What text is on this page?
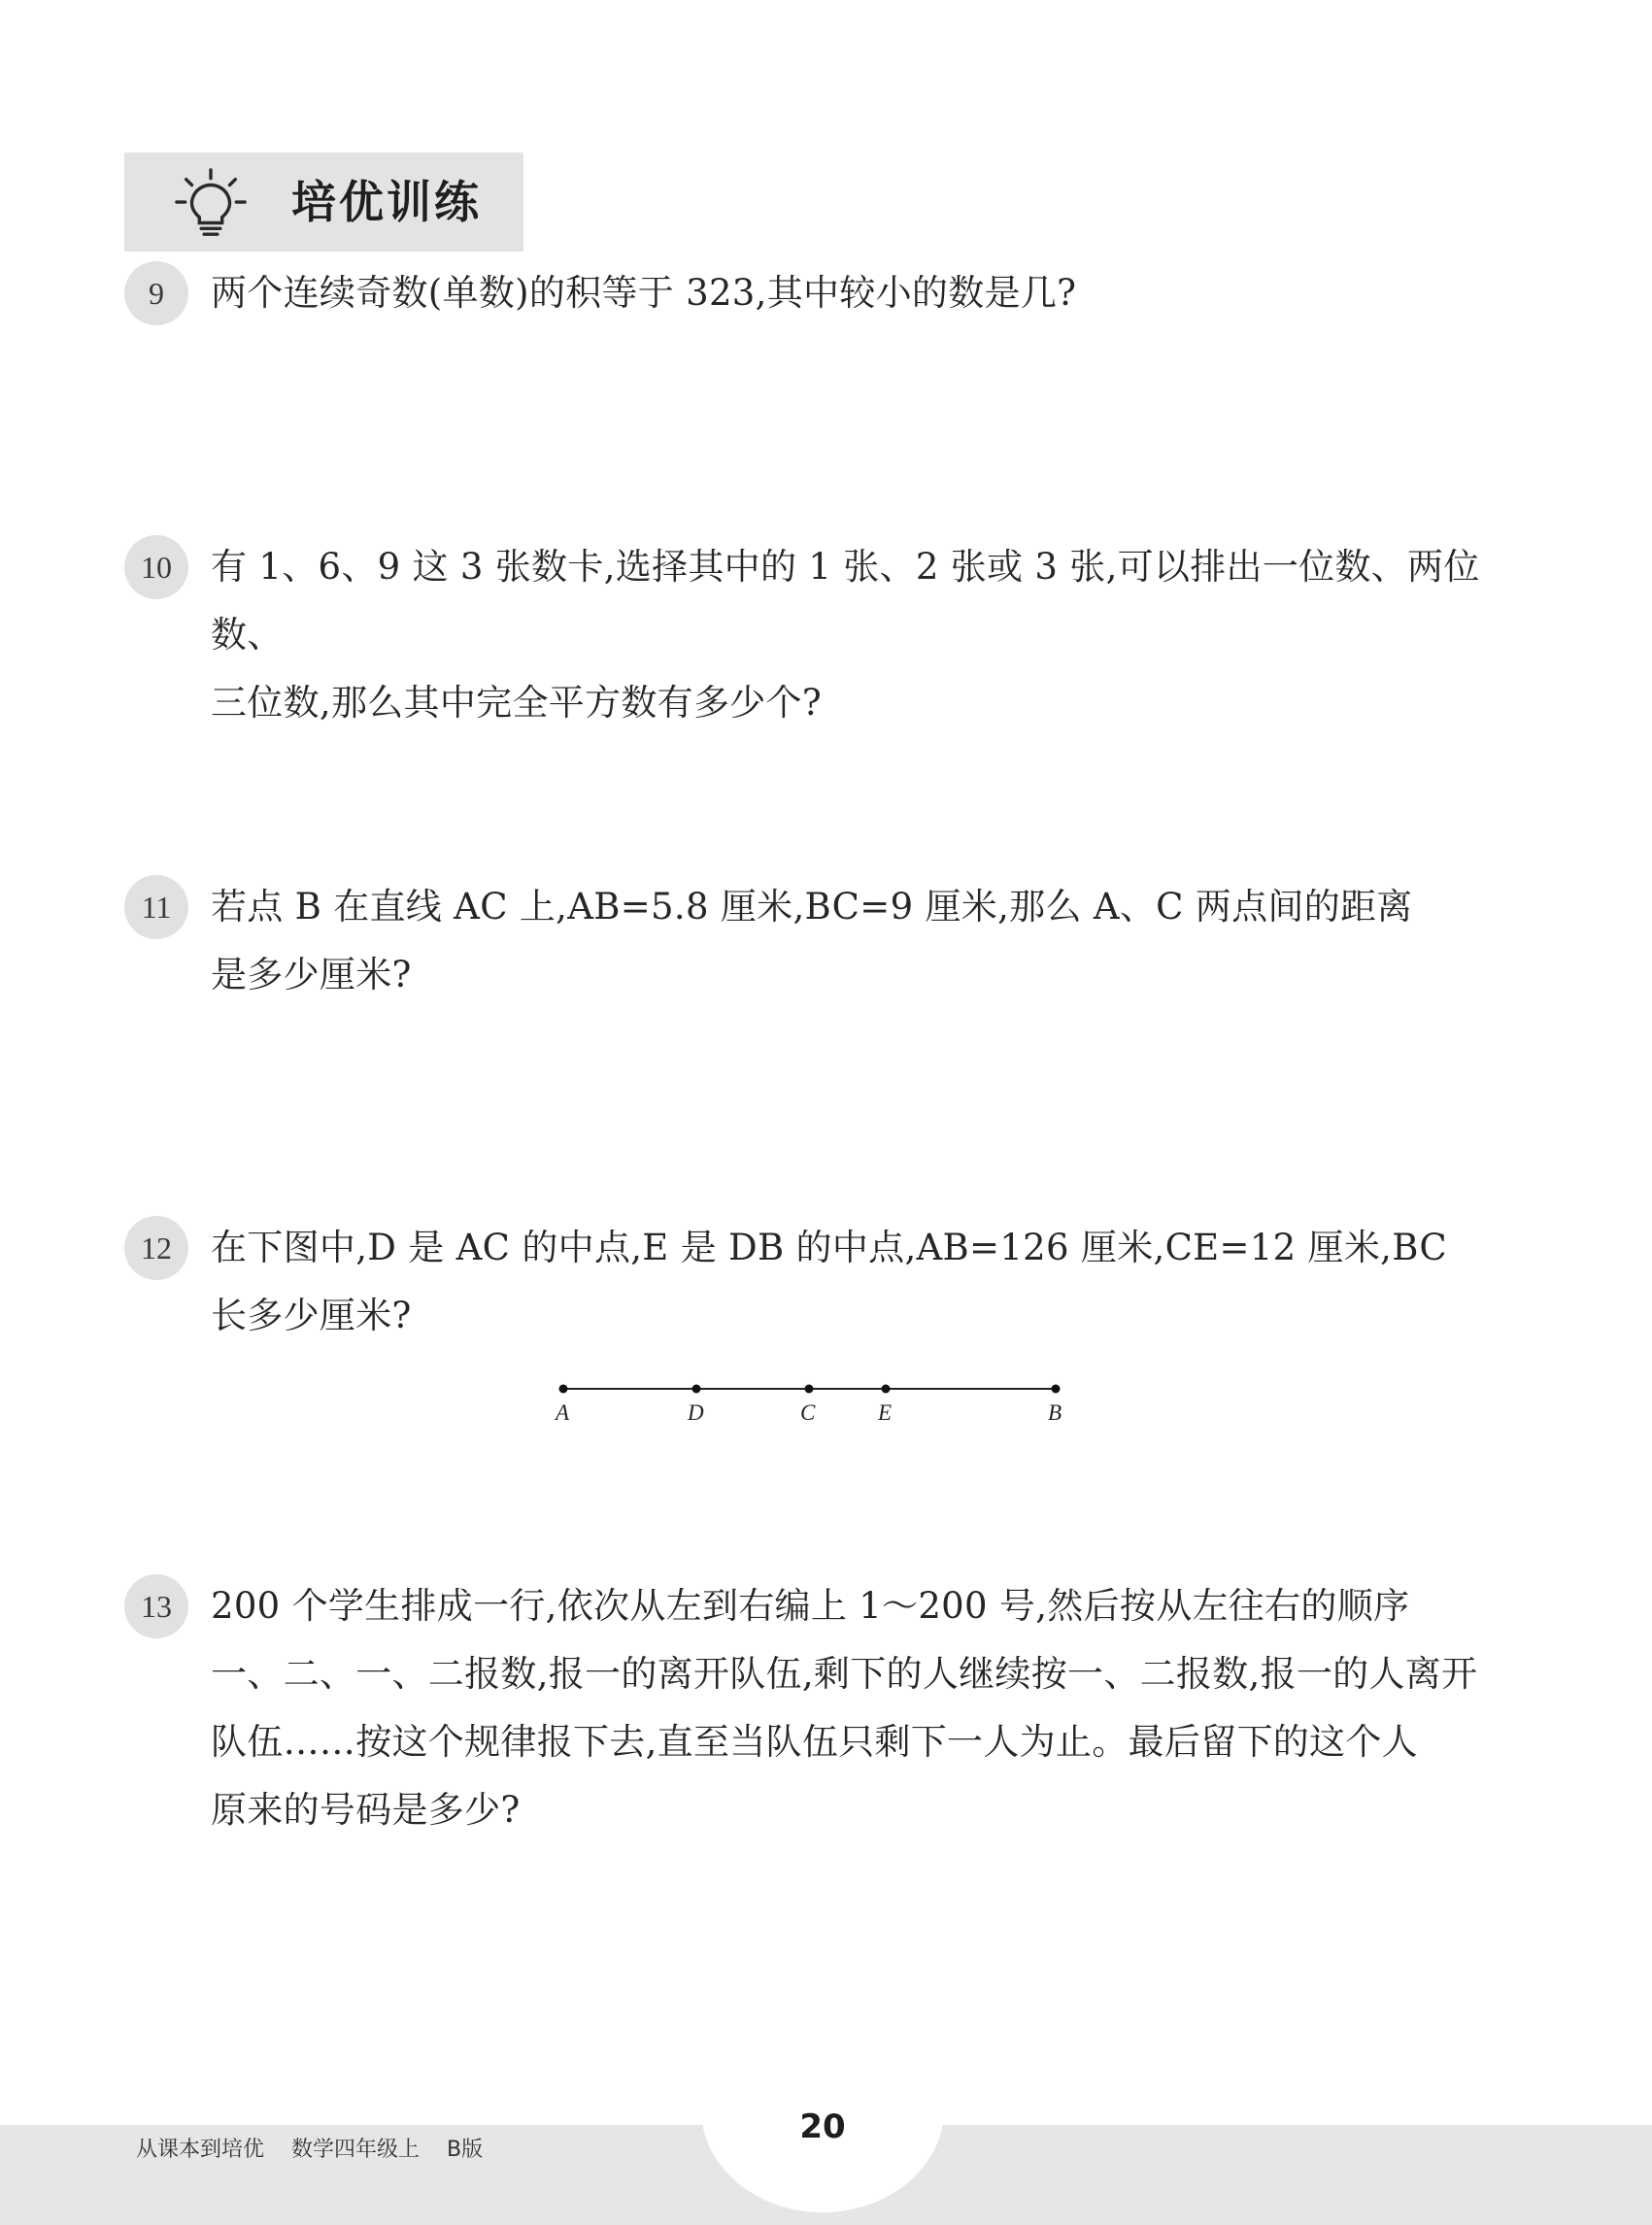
培优训练
9	两个连续奇数(单数)的积等于 323,其中较小的数是几?
10	有 1、6、9 这 3 张数卡,选择其中的 1 张、2 张或 3 张,可以排出一位数、两位数、
三位数,那么其中完全平方数有多少个?
11	若点 B 在直线 AC 上,AB=5.8 厘米,BC=9 厘米,那么 A、C 两点间的距离
是多少厘米?
12	在下图中,D 是 AC 的中点,E 是 DB 的中点,AB=126 厘米,CE=12 厘米,BC
长多少厘米?
A	D	C	E	B
13	200 个学生排成一行,依次从左到右编上 1～200 号,然后按从左往右的顺序
一、二、一、二报数,报一的离开队伍,剩下的人继续按一、二报数,报一的人离开
队伍……按这个规律报下去,直至当队伍只剩下一人为止。最后留下的这个人
原来的号码是多少?
从课本到培优 数学四年级上 B版
20
